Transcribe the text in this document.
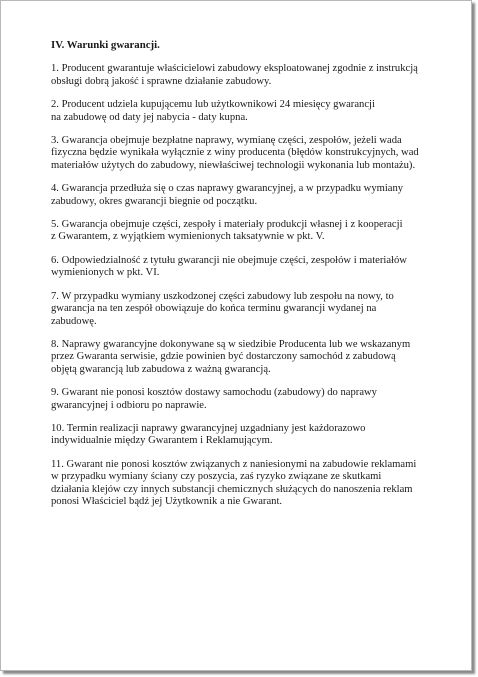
IV. Warunki gwarancji.
1. Producent gwarantuje właścicielowi zabudowy eksploatowanej zgodnie z instrukcją
obsługi dobrą jakość i sprawne działanie zabudowy.
2. Producent udziela kupującemu lub użytkownikowi 24 miesięcy gwarancji
na zabudowę od daty jej nabycia - daty kupna.
3. Gwarancja obejmuje bezpłatne naprawy, wymianę części, zespołów, jeżeli wada
fizyczna będzie wynikała wyłącznie z winy producenta (błędów konstrukcyjnych, wad
materiałów użytych do zabudowy, niewłaściwej technologii wykonania lub montażu).
4. Gwarancja przedłuża się o czas naprawy gwarancyjnej, a w przypadku wymiany
zabudowy, okres gwarancji biegnie od początku.
5. Gwarancja obejmuje części, zespoły i materiały produkcji własnej i z kooperacji
z Gwarantem, z wyjątkiem wymienionych taksatywnie w pkt. V.
6. Odpowiedzialność z tytułu gwarancji nie obejmuje części, zespołów i materiałów
wymienionych w pkt. VI.
7. W przypadku wymiany uszkodzonej części zabudowy lub zespołu na nowy, to
gwarancja na ten zespół obowiązuje do końca terminu gwarancji wydanej na
zabudowę.
8. Naprawy gwarancyjne dokonywane są w siedzibie Producenta lub we wskazanym
przez Gwaranta serwisie, gdzie powinien być dostarczony samochód z zabudową
objętą gwarancją lub zabudowa z ważną gwarancją.
9. Gwarant nie ponosi kosztów dostawy samochodu (zabudowy) do naprawy
gwarancyjnej i odbioru po naprawie.
10. Termin realizacji naprawy gwarancyjnej uzgadniany jest każdorazowo
indywidualnie między Gwarantem i Reklamującym.
11. Gwarant nie ponosi kosztów związanych z naniesionymi na zabudowie reklamami
w przypadku wymiany ściany czy poszycia, zaś ryzyko związane ze skutkami
działania klejów czy innych substancji chemicznych służących do nanoszenia reklam
ponosi Właściciel bądź jej Użytkownik a nie Gwarant.
